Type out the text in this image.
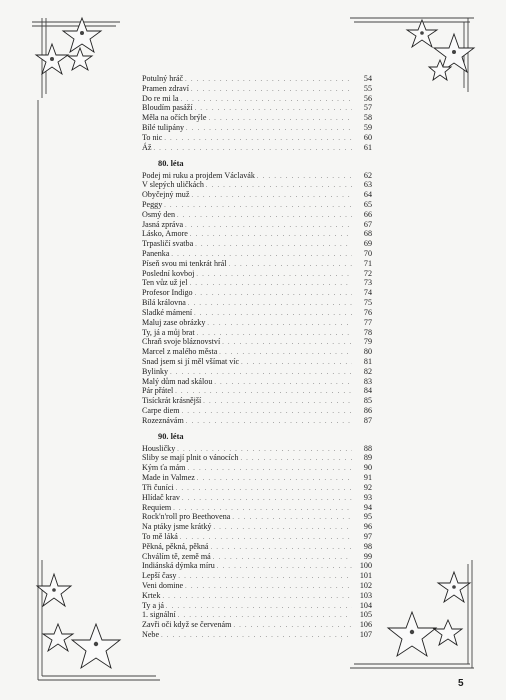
Potulný hráč . . .	54
Pramen zdraví . . .	55
Do re mi la . . .	56
Bloudím pasáží . . .	57
Měla na očích brýle . . .	58
Bílé tulipány . . .	59
To nic . . .	60
Áž . . .	61
80. léta
Podej mi ruku a projdem Václavák . . .	62
V slepých uličkách . . .	63
Obyčejný muž . . .	64
Peggy . . .	65
Osmý den . . .	66
Jasná zpráva . . .	67
Lásko, Amore . . .	68
Trpasličí svatba . . .	69
Panenka . . .	70
Píseň svou mi tenkrát hrál . . .	71
Poslední kovboj . . .	72
Ten vůz už jel . . .	73
Profesor Indigo . . .	74
Bílá královna . . .	75
Sladké mámení . . .	76
Maluj zase obrázky . . .	77
Ty, já a můj brat . . .	78
Chraň svoje bláznovství . . .	79
Marcel z malého města . . .	80
Snad jsem si jí měl všímat víc . . .	81
Bylinky . . .	82
Malý dům nad skálou . . .	83
Pár přátel . . .	84
Tisíckrát krásnější . . .	85
Carpe diem . . .	86
Rozeznávám . . .	87
90. léta
Housličky . . .	88
Sliby se mají plnit o vánocích . . .	89
Kým ťa mám . . .	90
Made in Valmez . . .	91
Tři čuníci . . .	92
Hlídač krav . . .	93
Requiem . . .	94
Rock'n'roll pro Beethovena . . .	95
Na ptáky jsme krátký . . .	96
To mě láká . . .	97
Pěkná, pěkná, pěkná . . .	98
Chválím tě, země má . . .	99
Indiánská dýmka míru . . .	100
Lepší časy . . .	101
Veni domine . . .	102
Krtek . . .	103
Ty a já . . .	104
1. signální . . .	105
Zavři oči když se červenám . . .	106
Nebe . . .	107
5
